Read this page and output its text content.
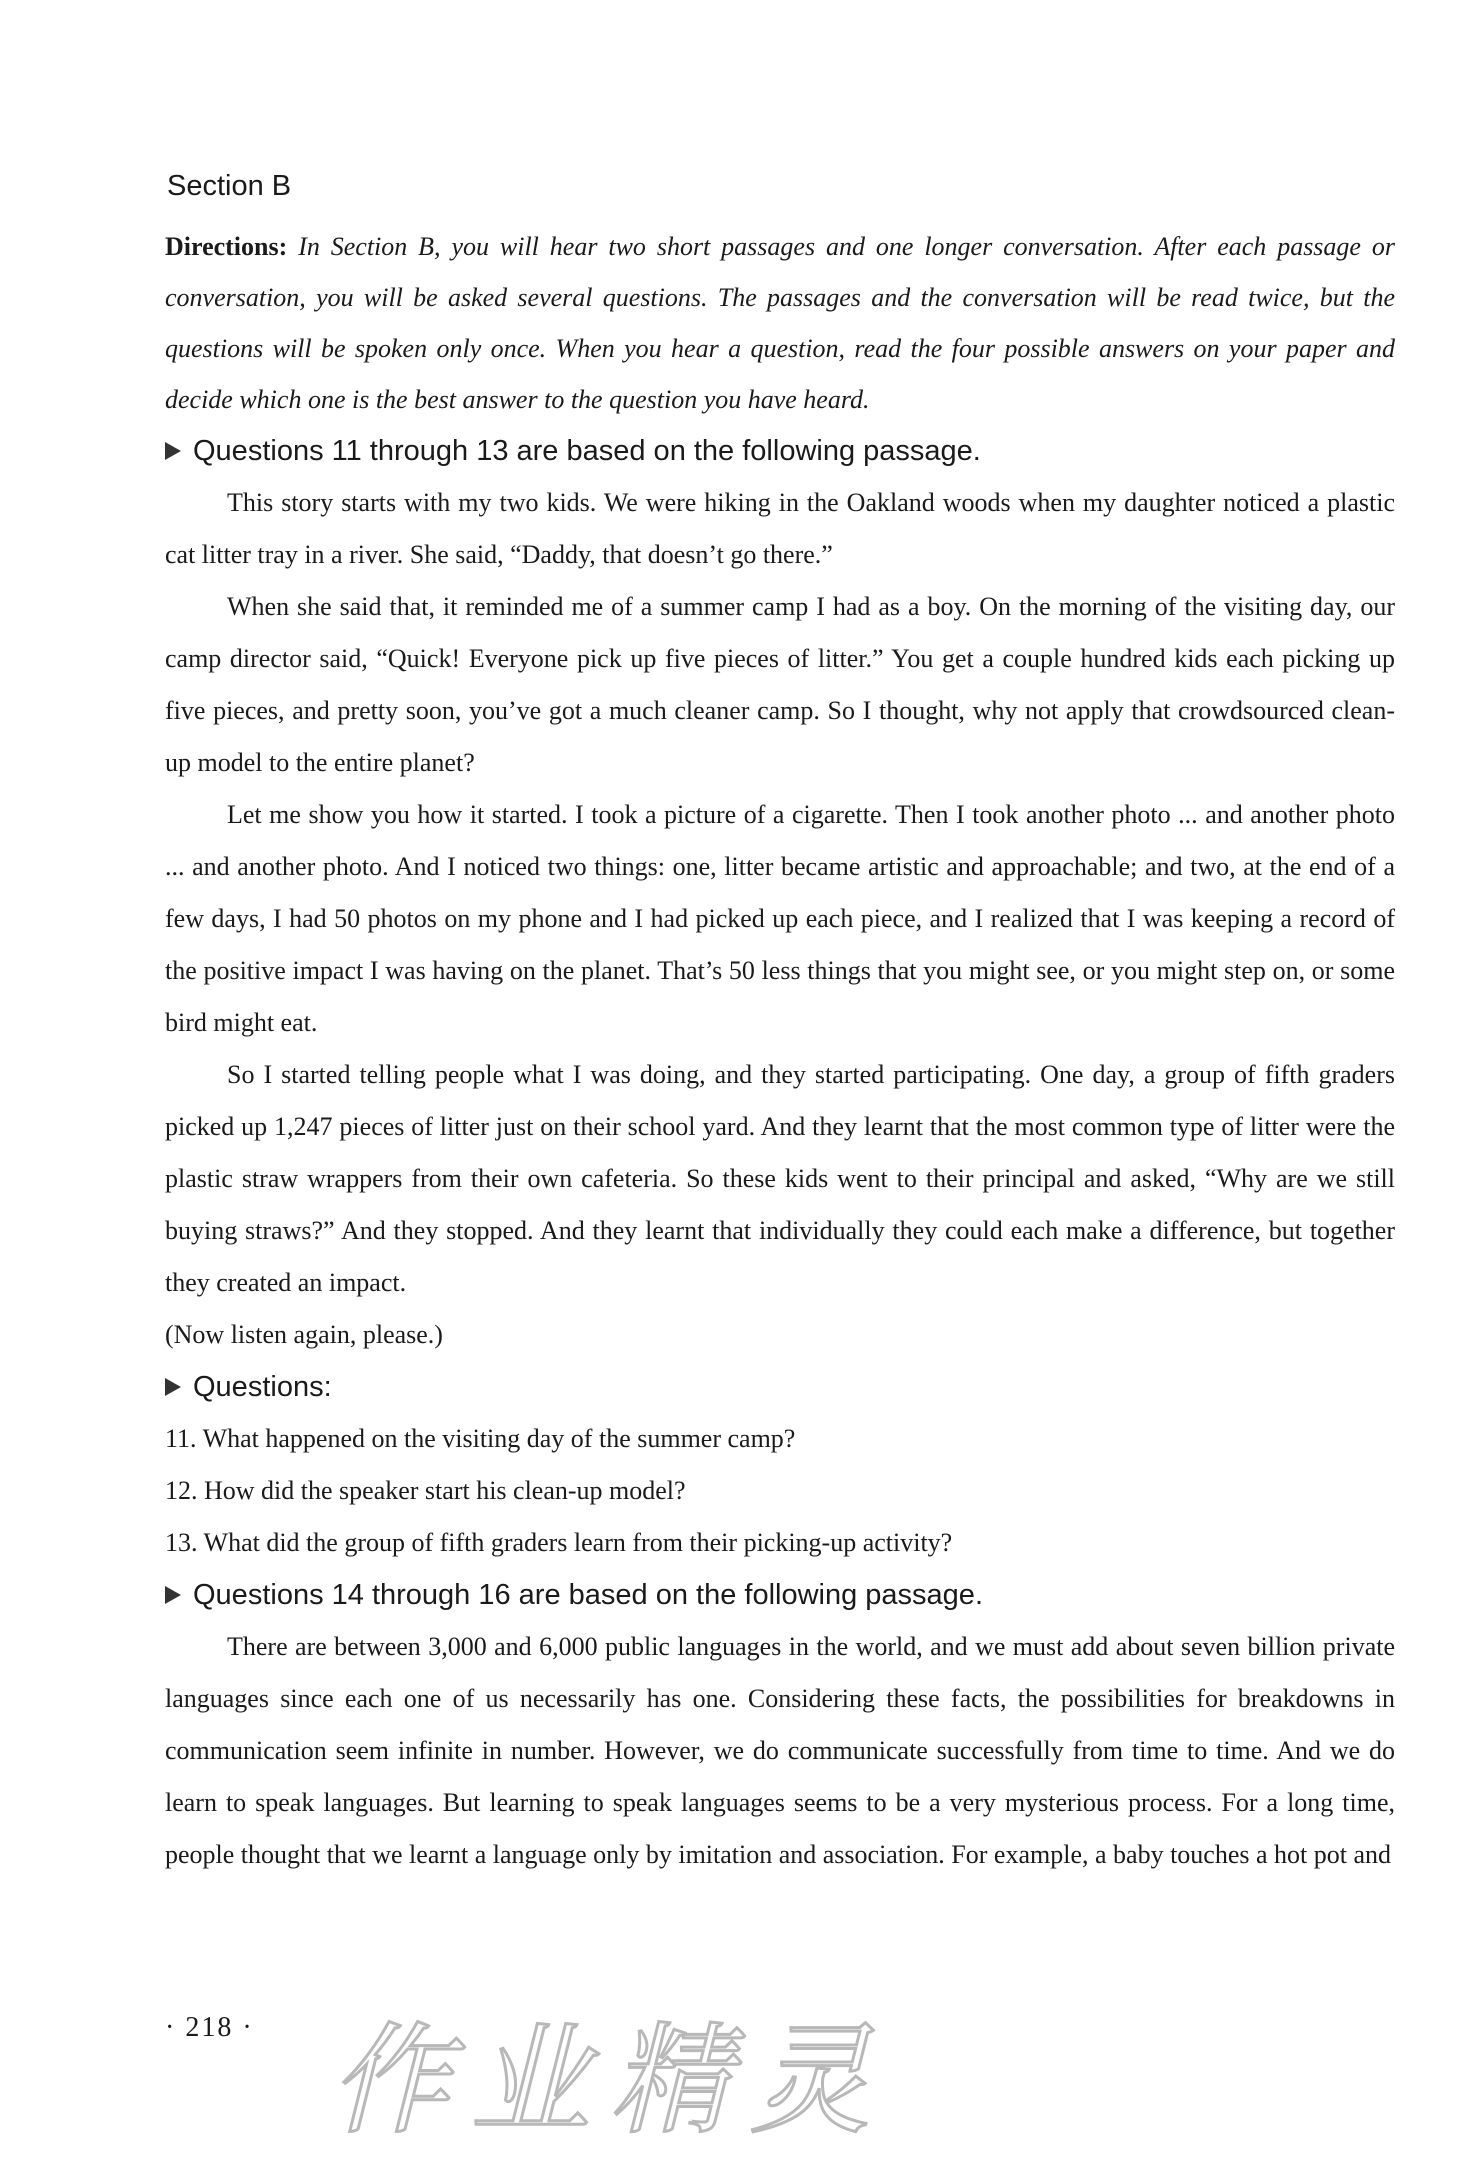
Section B

Directions: In Section B, you will hear two short passages and one longer conversation. After each passage or conversation, you will be asked several questions. The passages and the conversation will be read twice, but the questions will be spoken only once. When you hear a question, read the four possible answers on your paper and decide which one is the best answer to the question you have heard.

Questions 11 through 13 are based on the following passage.

This story starts with my two kids. We were hiking in the Oakland woods when my daughter noticed a plastic cat litter tray in a river. She said, “Daddy, that doesn’t go there.”

When she said that, it reminded me of a summer camp I had as a boy. On the morning of the visiting day, our camp director said, “Quick! Everyone pick up five pieces of litter.” You get a couple hundred kids each picking up five pieces, and pretty soon, you’ve got a much cleaner camp. So I thought, why not apply that crowdsourced clean-up model to the entire planet?

Let me show you how it started. I took a picture of a cigarette. Then I took another photo ... and another photo ... and another photo. And I noticed two things: one, litter became artistic and approachable; and two, at the end of a few days, I had 50 photos on my phone and I had picked up each piece, and I realized that I was keeping a record of the positive impact I was having on the planet. That’s 50 less things that you might see, or you might step on, or some bird might eat.

So I started telling people what I was doing, and they started participating. One day, a group of fifth graders picked up 1,247 pieces of litter just on their school yard. And they learnt that the most common type of litter were the plastic straw wrappers from their own cafeteria. So these kids went to their principal and asked, “Why are we still buying straws?” And they stopped. And they learnt that individually they could each make a difference, but together they created an impact.

(Now listen again, please.)

Questions:

11. What happened on the visiting day of the summer camp?

12. How did the speaker start his clean-up model?

13. What did the group of fifth graders learn from their picking-up activity?

Questions 14 through 16 are based on the following passage.

There are between 3,000 and 6,000 public languages in the world, and we must add about seven billion private languages since each one of us necessarily has one. Considering these facts, the possibilities for breakdowns in communication seem infinite in number. However, we do communicate successfully from time to time. And we do learn to speak languages. But learning to speak languages seems to be a very mysterious process. For a long time, people thought that we learnt a language only by imitation and association. For example, a baby touches a hot pot and

· 218 · 作业精灵
